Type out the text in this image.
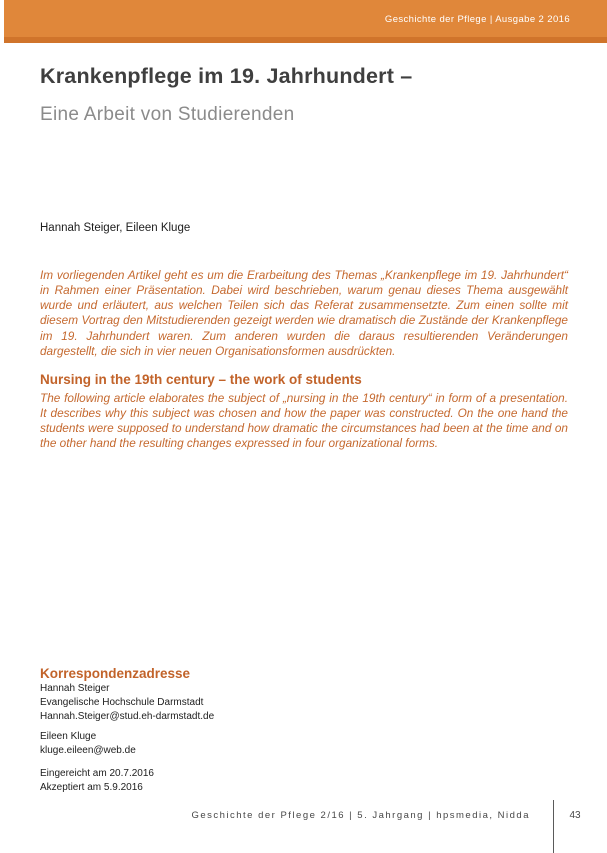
Geschichte der Pflege | Ausgabe 2 2016
Krankenpflege im 19. Jahrhundert –
Eine Arbeit von Studierenden
Hannah Steiger, Eileen Kluge

Im vorliegenden Artikel geht es um die Erarbeitung des Themas „Krankenpflege im 19. Jahrhundert“ in Rahmen einer Präsentation. Dabei wird beschrieben, warum genau dieses Thema ausgewählt wurde und erläutert, aus welchen Teilen sich das Referat zusammensetzte. Zum einen sollte mit diesem Vortrag den Mitstudierenden gezeigt werden wie dramatisch die Zustände der Krankenpflege im 19. Jahrhundert waren. Zum anderen wurden die daraus resultierenden Veränderungen dargestellt, die sich in vier neuen Organisationsformen ausdrückten.

Nursing in the 19th century – the work of students

The following article elaborates the subject of „nursing in the 19th century“ in form of a presentation. It describes why this subject was chosen and how the paper was constructed. On the one hand the students were supposed to understand how dramatic the circumstances had been at the time and on the other hand the resulting changes expressed in four organizational forms.

Korrespondenzadresse
Hannah Steiger
Evangelische Hochschule Darmstadt
Hannah.Steiger@stud.eh-darmstadt.de
Eileen Kluge
kluge.eileen@web.de
Eingereicht am 20.7.2016
Akzeptiert am 5.9.2016
Geschichte der Pflege 2/16 | 5. Jahrgang | hpsmedia, Nidda	43
